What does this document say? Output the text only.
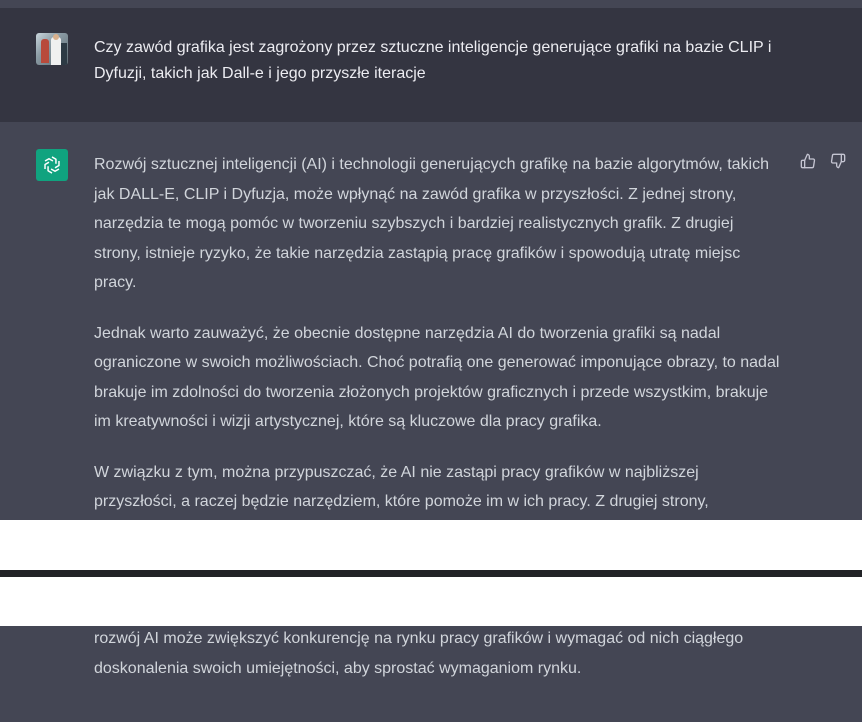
Czy zawód grafika jest zagrożony przez sztuczne inteligencje generujące grafiki na bazie CLIP i Dyfuzji, takich jak Dall-e i jego przyszłe iteracje

Rozwój sztucznej inteligencji (AI) i technologii generujących grafikę na bazie algorytmów, takich jak DALL-E, CLIP i Dyfuzja, może wpłynąć na zawód grafika w przyszłości. Z jednej strony, narzędzia te mogą pomóc w tworzeniu szybszych i bardziej realistycznych grafik. Z drugiej strony, istnieje ryzyko, że takie narzędzia zastąpią pracę grafików i spowodują utratę miejsc pracy.

Jednak warto zauważyć, że obecnie dostępne narzędzia AI do tworzenia grafiki są nadal ograniczone w swoich możliwościach. Choć potrafią one generować imponujące obrazy, to nadal brakuje im zdolności do tworzenia złożonych projektów graficznych i przede wszystkim, brakuje im kreatywności i wizji artystycznej, które są kluczowe dla pracy grafika.

W związku z tym, można przypuszczać, że AI nie zastąpi pracy grafików w najbliższej przyszłości, a raczej będzie narzędziem, które pomoże im w ich pracy. Z drugiej strony,

rozwój AI może zwiększyć konkurencję na rynku pracy grafików i wymagać od nich ciągłego doskonalenia swoich umiejętności, aby sprostać wymaganiom rynku.
